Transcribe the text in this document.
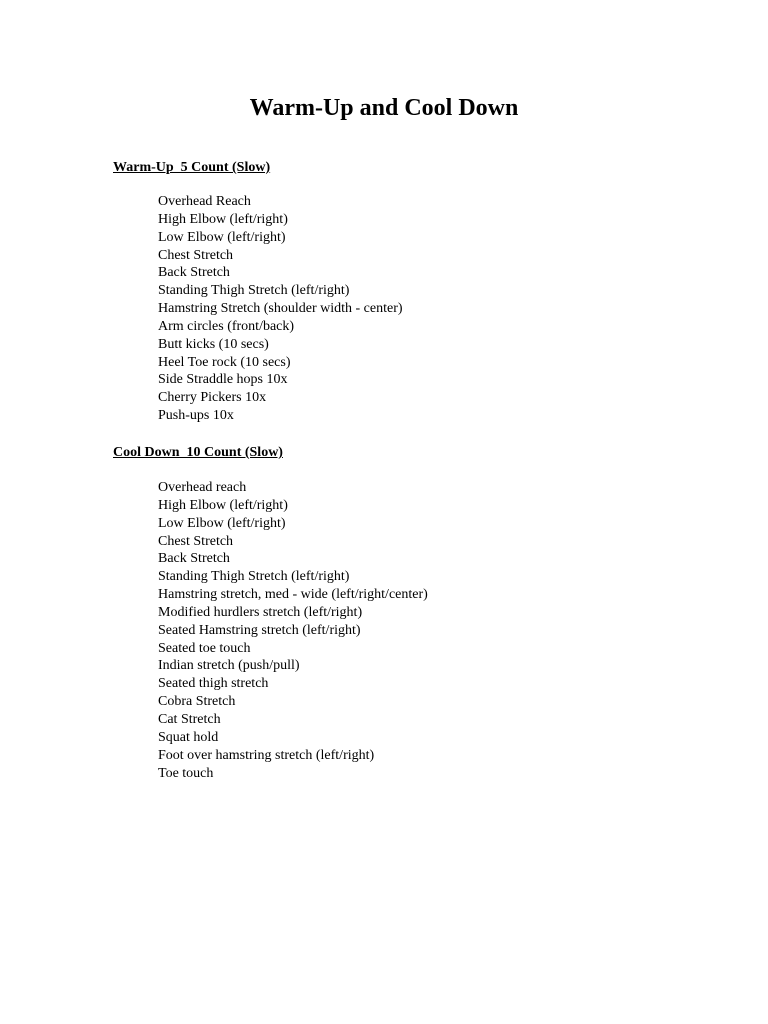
Warm-Up and Cool Down
Warm-Up  5 Count (Slow)
Overhead Reach
High Elbow (left/right)
Low Elbow (left/right)
Chest Stretch
Back Stretch
Standing Thigh Stretch (left/right)
Hamstring Stretch (shoulder width - center)
Arm circles (front/back)
Butt kicks (10 secs)
Heel Toe rock (10 secs)
Side Straddle hops 10x
Cherry Pickers 10x
Push-ups 10x
Cool Down  10 Count (Slow)
Overhead reach
High Elbow (left/right)
Low Elbow (left/right)
Chest Stretch
Back Stretch
Standing Thigh Stretch (left/right)
Hamstring stretch, med - wide (left/right/center)
Modified hurdlers stretch (left/right)
Seated Hamstring stretch (left/right)
Seated toe touch
Indian stretch (push/pull)
Seated thigh stretch
Cobra Stretch
Cat Stretch
Squat hold
Foot over hamstring stretch (left/right)
Toe touch
